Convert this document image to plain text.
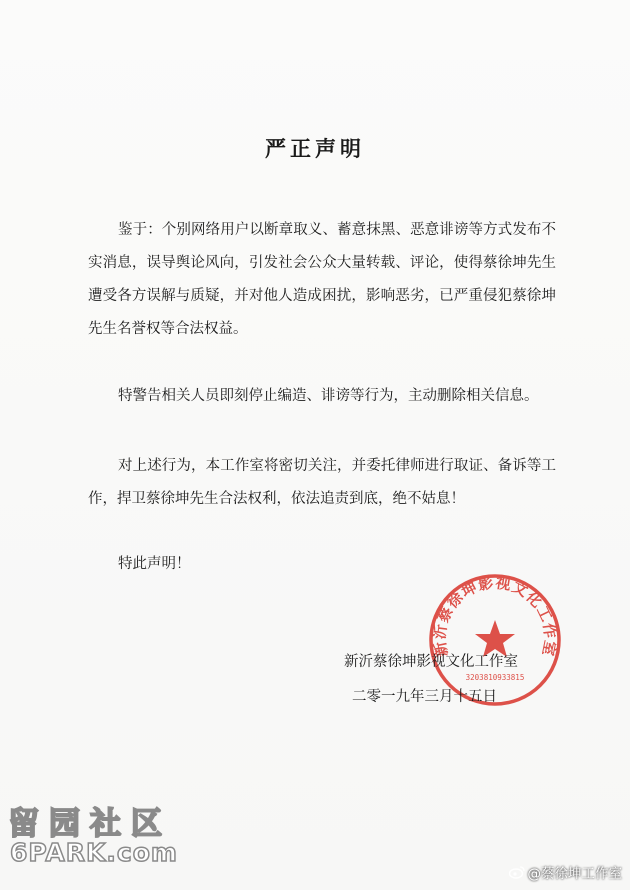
严正声明
鉴于：个别网络用户以断章取义、蓄意抹黑、恶意诽谤等方式发布不实消息，误导舆论风向，引发社会公众大量转载、评论，使得蔡徐坤先生遭受各方误解与质疑，并对他人造成困扰，影响恶劣，已严重侵犯蔡徐坤先生名誉权等合法权益。
特警告相关人员即刻停止编造、诽谤等行为，主动删除相关信息。
对上述行为，本工作室将密切关注，并委托律师进行取证、备诉等工作，捍卫蔡徐坤先生合法权利，依法追责到底，绝不姑息！
特此声明！
新沂蔡徐坤影视文化工作室
3203810933815
新沂蔡徐坤影视文化工作室
二零一九年三月十五日
留园社区
6PARK.com
@蔡徐坤工作室
